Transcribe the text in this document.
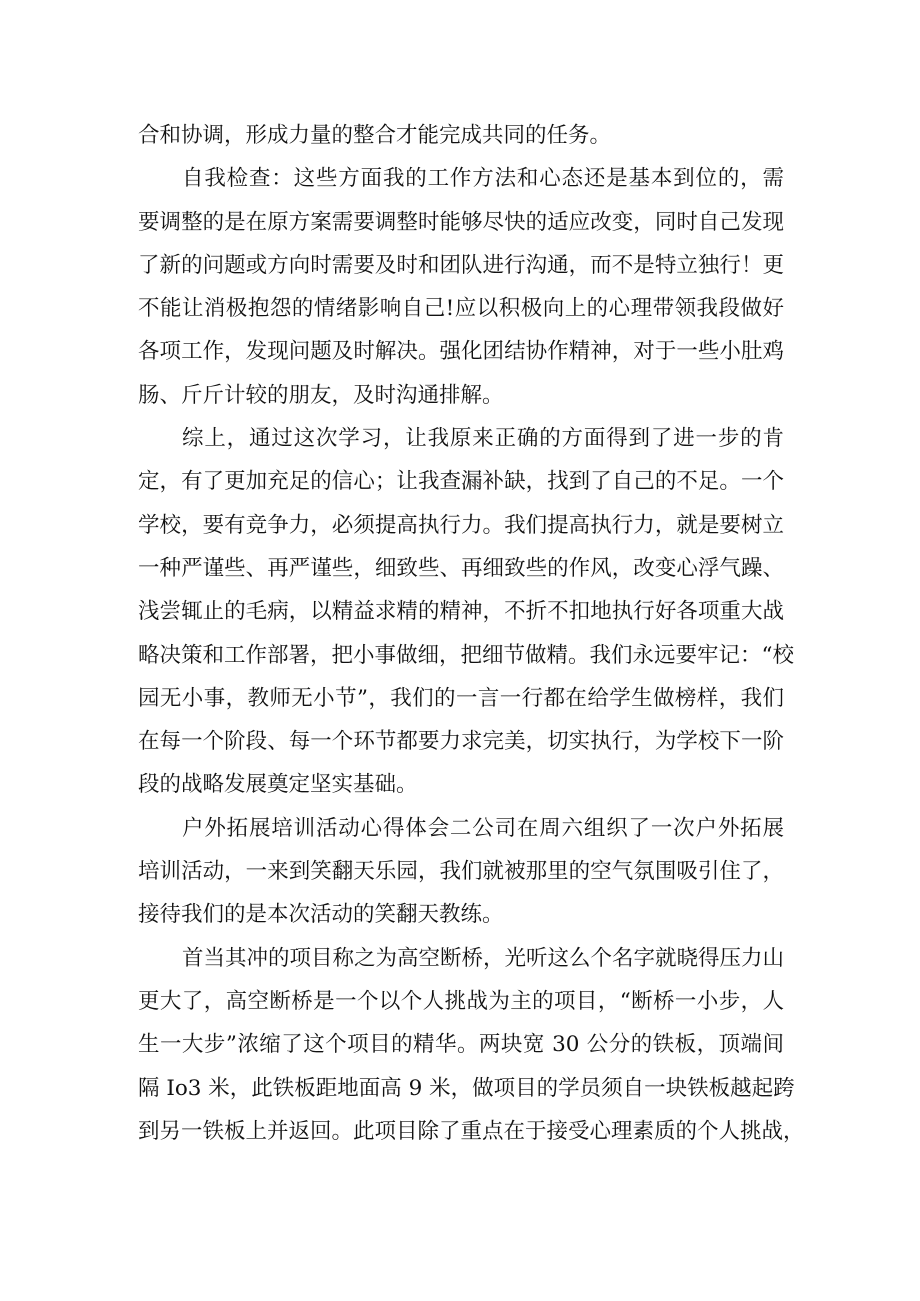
合和协调，形成力量的整合才能完成共同的任务。
自我检查：这些方面我的工作方法和心态还是基本到位的，需
要调整的是在原方案需要调整时能够尽快的适应改变，同时自己发现
了新的问题或方向时需要及时和团队进行沟通，而不是特立独行！更
不能让消极抱怨的情绪影响自己!应以积极向上的心理带领我段做好
各项工作，发现问题及时解决。强化团结协作精神，对于一些小肚鸡
肠、斤斤计较的朋友，及时沟通排解。
综上，通过这次学习，让我原来正确的方面得到了进一步的肯
定，有了更加充足的信心；让我查漏补缺，找到了自己的不足。一个
学校，要有竞争力，必须提高执行力。我们提高执行力，就是要树立
一种严谨些、再严谨些，细致些、再细致些的作风，改变心浮气躁、
浅尝辄止的毛病，以精益求精的精神，不折不扣地执行好各项重大战
略决策和工作部署，把小事做细，把细节做精。我们永远要牢记：“校
园无小事，教师无小节”，我们的一言一行都在给学生做榜样，我们
在每一个阶段、每一个环节都要力求完美，切实执行，为学校下一阶
段的战略发展奠定坚实基础。
户外拓展培训活动心得体会二公司在周六组织了一次户外拓展
培训活动，一来到笑翻天乐园，我们就被那里的空气氛围吸引住了，
接待我们的是本次活动的笑翻天教练。
首当其冲的项目称之为高空断桥，光听这么个名字就晓得压力山
更大了，高空断桥是一个以个人挑战为主的项目，“断桥一小步，人
生一大步”浓缩了这个项目的精华。两块宽 30 公分的铁板，顶端间
隔 Io3 米，此铁板距地面高 9 米，做项目的学员须自一块铁板越起跨
到另一铁板上并返回。此项目除了重点在于接受心理素质的个人挑战，
